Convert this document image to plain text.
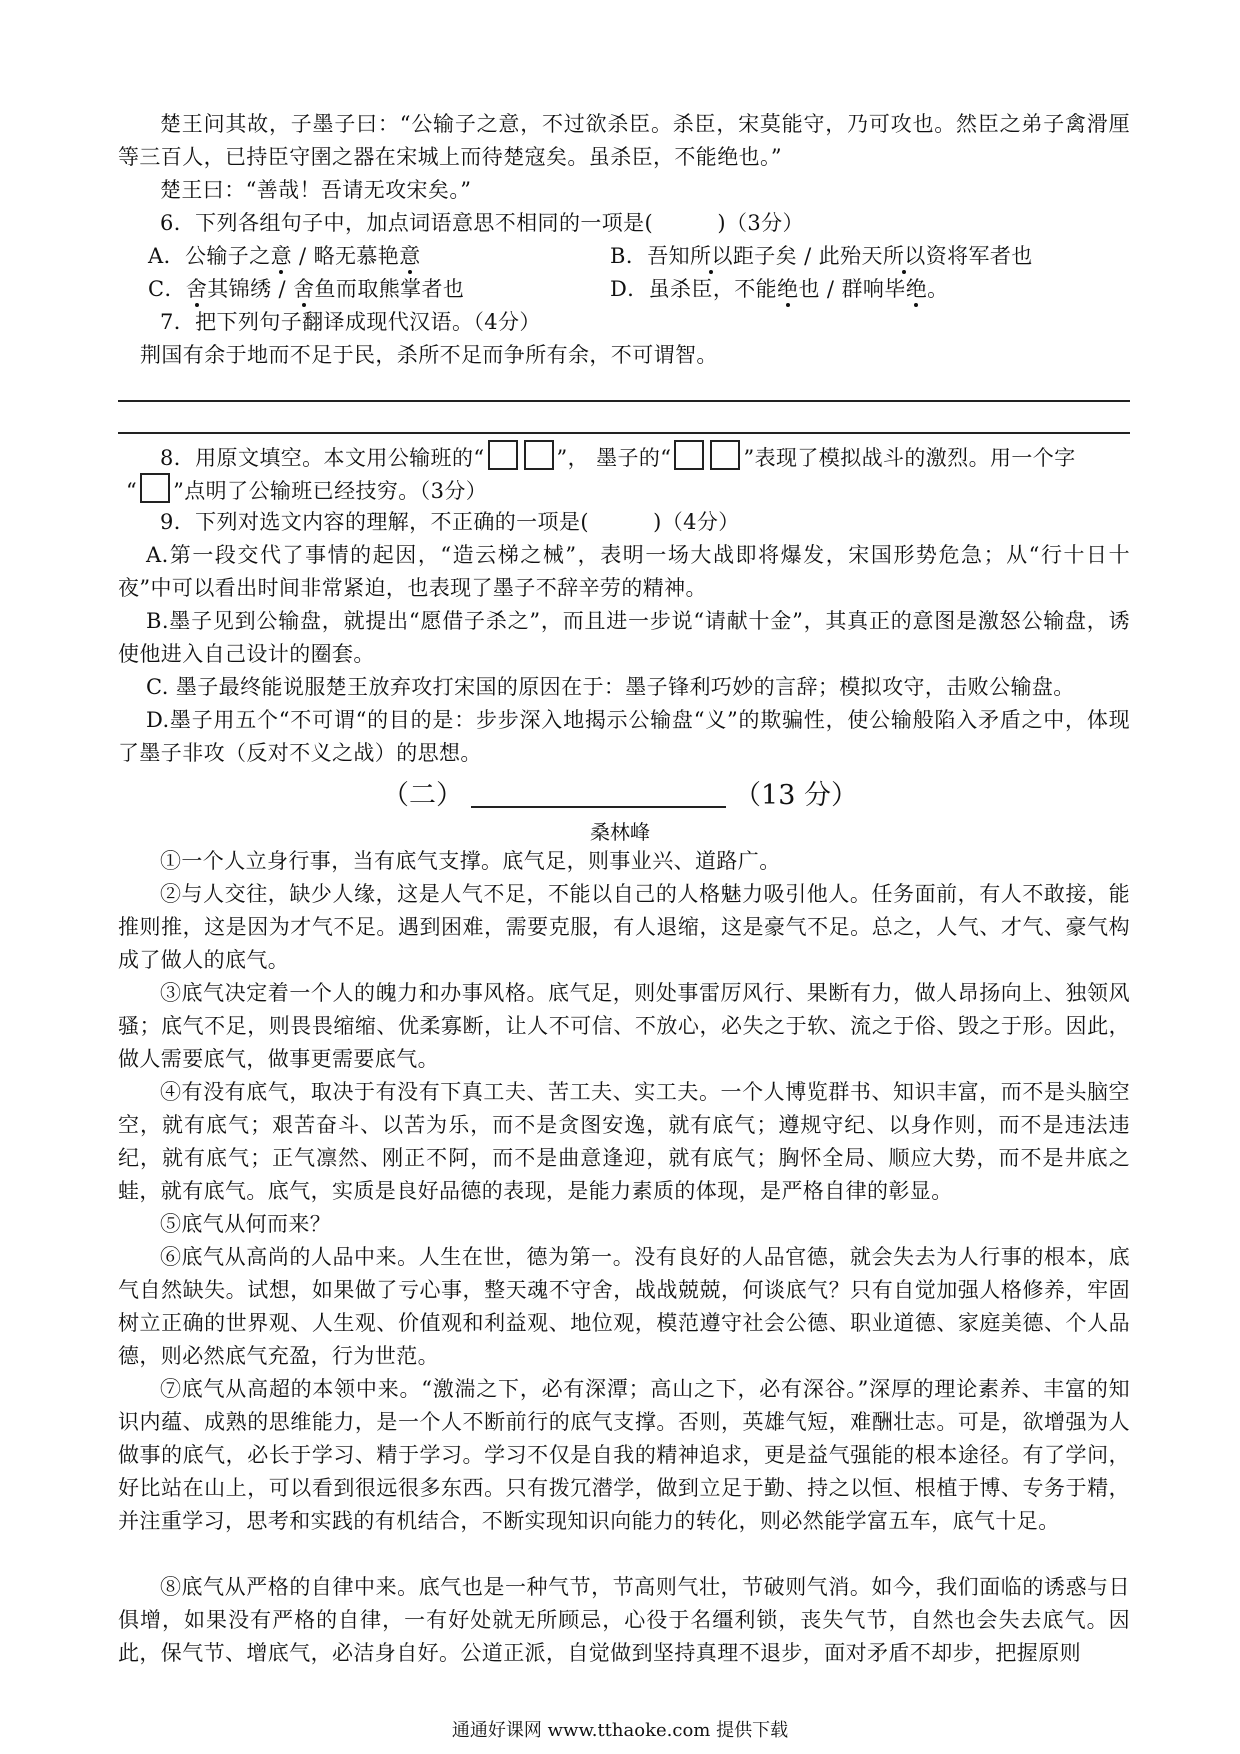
楚王问其故，子墨子曰：“公输子之意，不过欲杀臣。杀臣，宋莫能守，乃可攻也。然臣之弟子禽滑厘等三百人，已持臣守圉之器在宋城上而待楚寇矣。虽杀臣，不能绝也。”

楚王曰：“善哉！吾请无攻宋矣。”

6．下列各组句子中，加点词语意思不相同的一项是(　　　)（3分）

A．公输子之意 / 略无慕艳意	B．吾知所以距子矣 / 此殆天所以资将军者也

C．舍其锦绣 / 舍鱼而取熊掌者也	D．虽杀臣，不能绝也 / 群响毕绝。

7．把下列句子翻译成现代汉语。（4分）

荆国有余于地而不足于民，杀所不足而争所有余，不可谓智。

8．用原文填空。本文用公输班的“	”， 墨子的“	”表现了模拟战斗的激烈。用一个字

“ ”点明了公输班已经技穷。（3分）

9．下列对选文内容的理解，不正确的一项是(　　　)（4分）

A.第一段交代了事情的起因，“造云梯之械”，表明一场大战即将爆发，宋国形势危急；从“行十日十夜”中可以看出时间非常紧迫，也表现了墨子不辞辛劳的精神。

B.墨子见到公输盘，就提出“愿借子杀之”，而且进一步说“请献十金”，其真正的意图是激怒公输盘，诱使他进入自己设计的圈套。

C. 墨子最终能说服楚王放弃攻打宋国的原因在于：墨子锋利巧妙的言辞；模拟攻守，击败公输盘。

D.墨子用五个“不可谓“的目的是：步步深入地揭示公输盘“义”的欺骗性，使公输般陷入矛盾之中，体现了墨子非攻（反对不义之战）的思想。

（二）	（13 分）
桑林峰

①一个人立身行事，当有底气支撑。底气足，则事业兴、道路广。

②与人交往，缺少人缘，这是人气不足，不能以自己的人格魅力吸引他人。任务面前，有人不敢接，能推则推，这是因为才气不足。遇到困难，需要克服，有人退缩，这是豪气不足。总之，人气、才气、豪气构成了做人的底气。

③底气决定着一个人的魄力和办事风格。底气足，则处事雷厉风行、果断有力，做人昂扬向上、独领风骚；底气不足，则畏畏缩缩、优柔寡断，让人不可信、不放心，必失之于软、流之于俗、毁之于形。因此，做人需要底气，做事更需要底气。

④有没有底气，取决于有没有下真工夫、苦工夫、实工夫。一个人博览群书、知识丰富，而不是头脑空空，就有底气；艰苦奋斗、以苦为乐，而不是贪图安逸，就有底气；遵规守纪、以身作则，而不是违法违纪，就有底气；正气凛然、刚正不阿，而不是曲意逢迎，就有底气；胸怀全局、顺应大势，而不是井底之蛙，就有底气。底气，实质是良好品德的表现，是能力素质的体现，是严格自律的彰显。

⑤底气从何而来？

⑥底气从高尚的人品中来。人生在世，德为第一。没有良好的人品官德，就会失去为人行事的根本，底气自然缺失。试想，如果做了亏心事，整天魂不守舍，战战兢兢，何谈底气？只有自觉加强人格修养，牢固树立正确的世界观、人生观、价值观和利益观、地位观，模范遵守社会公德、职业道德、家庭美德、个人品德，则必然底气充盈，行为世范。

⑦底气从高超的本领中来。“激湍之下，必有深潭；高山之下，必有深谷。”深厚的理论素养、丰富的知识内蕴、成熟的思维能力，是一个人不断前行的底气支撑。否则，英雄气短，难酬壮志。可是，欲增强为人做事的底气，必长于学习、精于学习。学习不仅是自我的精神追求，更是益气强能的根本途径。有了学问，好比站在山上，可以看到很远很多东西。只有拨冗潜学，做到立足于勤、持之以恒、根植于博、专务于精，并注重学习，思考和实践的有机结合，不断实现知识向能力的转化，则必然能学富五车，底气十足。

⑧底气从严格的自律中来。底气也是一种气节，节高则气壮，节破则气消。如今，我们面临的诱惑与日俱增，如果没有严格的自律，一有好处就无所顾忌，心役于名缰利锁，丧失气节，自然也会失去底气。因此，保气节、增底气，必洁身自好。公道正派，自觉做到坚持真理不退步，面对矛盾不却步，把握原则

通通好课网 www.tthaoke.com 提供下载
